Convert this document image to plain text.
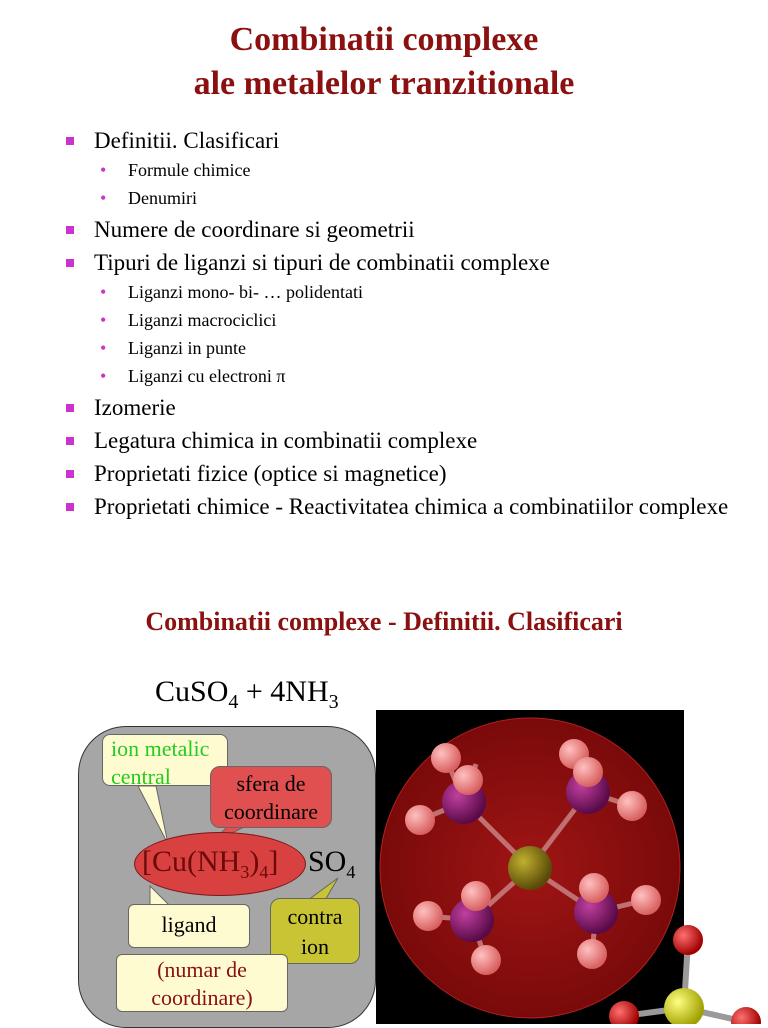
Combinatii complexe
ale metalelor tranzitionale
Definitii. Clasificari
• Formule chimice
• Denumiri
Numere de coordinare si geometrii
Tipuri de liganzi si tipuri de combinatii complexe
• Liganzi mono- bi- … polidentati
• Liganzi macrociclici
• Liganzi in punte
• Liganzi cu electroni π
Izomerie
Legatura chimica in combinatii complexe
Proprietati fizice (optice si magnetice)
Proprietati chimice - Reactivitatea chimica a combinatiilor complexe
Combinatii complexe - Definitii. Clasificari
CuSO$_4$ + $4NH_3$
$[Cu(NH_3)_4]$ $SO_4$
ion metalic central	sfera de coordinare
ligand	contra ion
(numar de coordinare)
